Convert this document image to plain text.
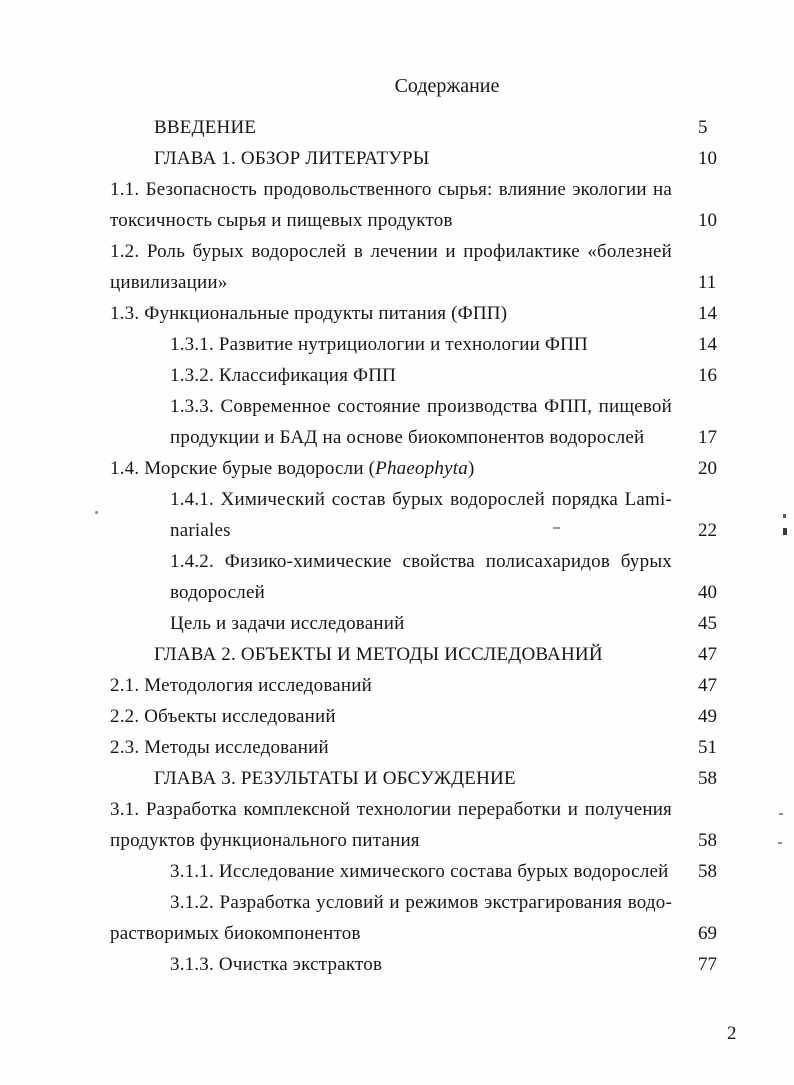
Содержание
ВВЕДЕНИЕ	5
ГЛАВА 1. ОБЗОР ЛИТЕРАТУРЫ	10
1.1. Безопасность продовольственного сырья: влияние экологии на
токсичность сырья и пищевых продуктов	10
1.2. Роль бурых водорослей в лечении и профилактике «болезней
цивилизации»	11
1.3. Функциональные продукты питания (ФПП)	14
1.3.1. Развитие нутрициологии и технологии ФПП	14
1.3.2. Классификация ФПП	16
1.3.3. Современное состояние производства ФПП, пищевой
продукции и БАД на основе биокомпонентов водорослей	17
1.4. Морские бурые водоросли (Phaeophyta)	20
1.4.1. Химический состав бурых водорослей порядка Lami-
nariales	22
1.4.2. Физико-химические свойства полисахаридов бурых
водорослей	40
Цель и задачи исследований	45
ГЛАВА 2. ОБЪЕКТЫ И МЕТОДЫ ИССЛЕДОВАНИЙ	47
2.1. Методология исследований	47
2.2. Объекты исследований	49
2.3. Методы исследований	51
ГЛАВА 3. РЕЗУЛЬТАТЫ И ОБСУЖДЕНИЕ	58
3.1. Разработка комплексной технологии переработки и получения
продуктов функционального питания	58
3.1.1. Исследование химического состава бурых водорослей 58
3.1.2. Разработка условий и режимов экстрагирования водо-
растворимых биокомпонентов	69
3.1.3. Очистка экстрактов	77
2
